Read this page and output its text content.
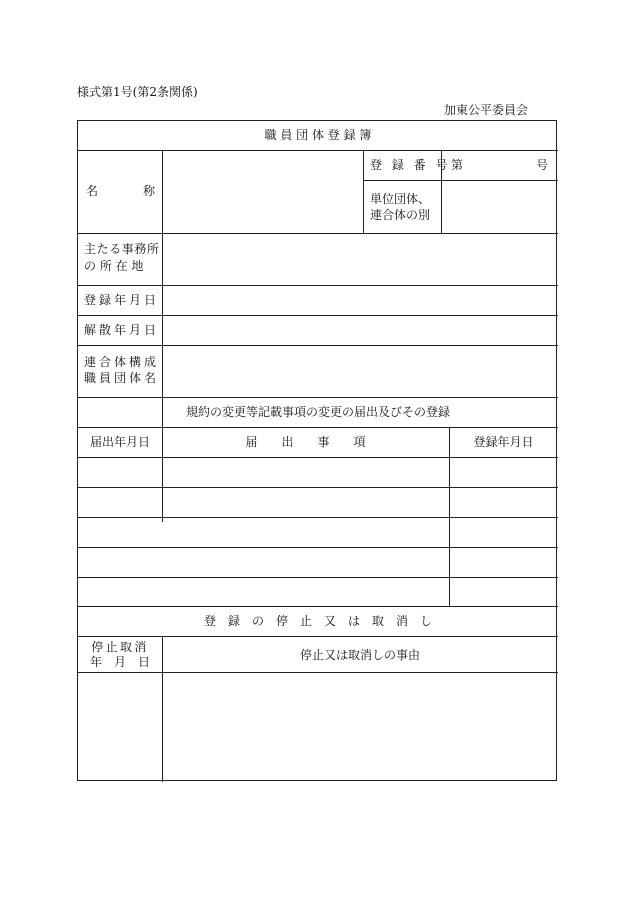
様式第1号(第2条関係)
加東公平委員会
職 員 団 体 登 録 簿
名	称
登 録 番 号 第	号
単位団体、
連合体の別
主たる事務所
の 所 在 地
登録年月日
解散年月日
連合体構成
職員団体名
規約の変更等記載事項の変更の届出及びその登録
届出年月日	届　　出　　事　　項	登録年月日
登　録　の　停　止　又　は　取　消　し
停止取消
年　月　日	停止又は取消しの事由
